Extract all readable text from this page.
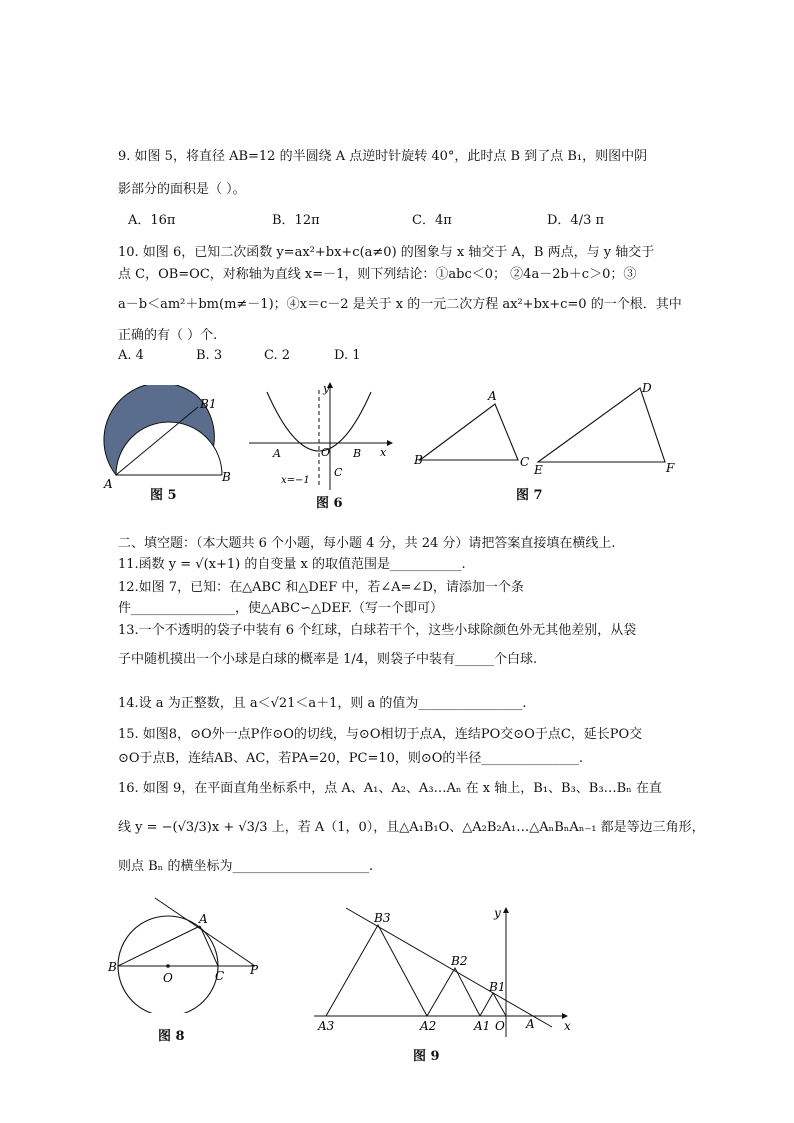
9. 如图 5，将直径 AB=12 的半圆绕 A 点逆时针旋转 40°，此时点 B 到了点 B₁，则图中阴
影部分的面积是（ ）。
A．16π	B．12π	C．4π	D．4/3 π
10. 如图 6，已知二次函数 y=ax²+bx+c(a≠0) 的图象与 x 轴交于 A，B 两点，与 y 轴交于
点 C，OB=OC，对称轴为直线 x=－1，则下列结论：①abc＜0； ②4a－2b＋c＞0；③
a－b＜am²＋bm(m≠－1)；④x＝c－2 是关于 x 的一元二次方程 ax²+bx+c=0 的一个根．其中
正确的有（ ）个.
A. 4	B. 3	C. 2	D. 1
B1
A	B
图 5
y
x
A	O B
C
x=−1
图 6
A
B	C
D
E	F
图 7
二、填空题：（本大题共 6 个小题，每小题 4 分，共 24 分）请把答案直接填在横线上.
11.函数 y = √(x+1) 的自变量 x 的取值范围是___________.
12.如图 7，已知：在△ABC 和△DEF 中，若∠A=∠D，请添加一个条
件________________，使△ABC∽△DEF.（写一个即可）
13.一个不透明的袋子中装有 6 个红球，白球若干个，这些小球除颜色外无其他差别，从袋
子中随机摸出一个小球是白球的概率是 1/4，则袋子中装有______个白球.
14.设 a 为正整数，且 a＜√21＜a＋1，则 a 的值为________________.
15. 如图8，⊙O外一点P作⊙O的切线，与⊙O相切于点A，连结PO交⊙O于点C，延长PO交
⊙O于点B，连结AB、AC，若PA=20，PC=10，则⊙O的半径_______________.
16. 如图 9，在平面直角坐标系中，点 A、A₁、A₂、A₃…Aₙ 在 x 轴上，B₁、B₃、B₃…Bₙ 在直
线 y = −(√3/3)x + √3/3 上，若 A（1，0），且△A₁B₁O、△A₂B₂A₁…△AₙBₙAₙ₋₁ 都是等边三角形，
则点 Bₙ 的横坐标为_____________________.
A
B
O	C P
图 8
B3
B2
B1
A3	A2	A1 O A x
y
图 9
